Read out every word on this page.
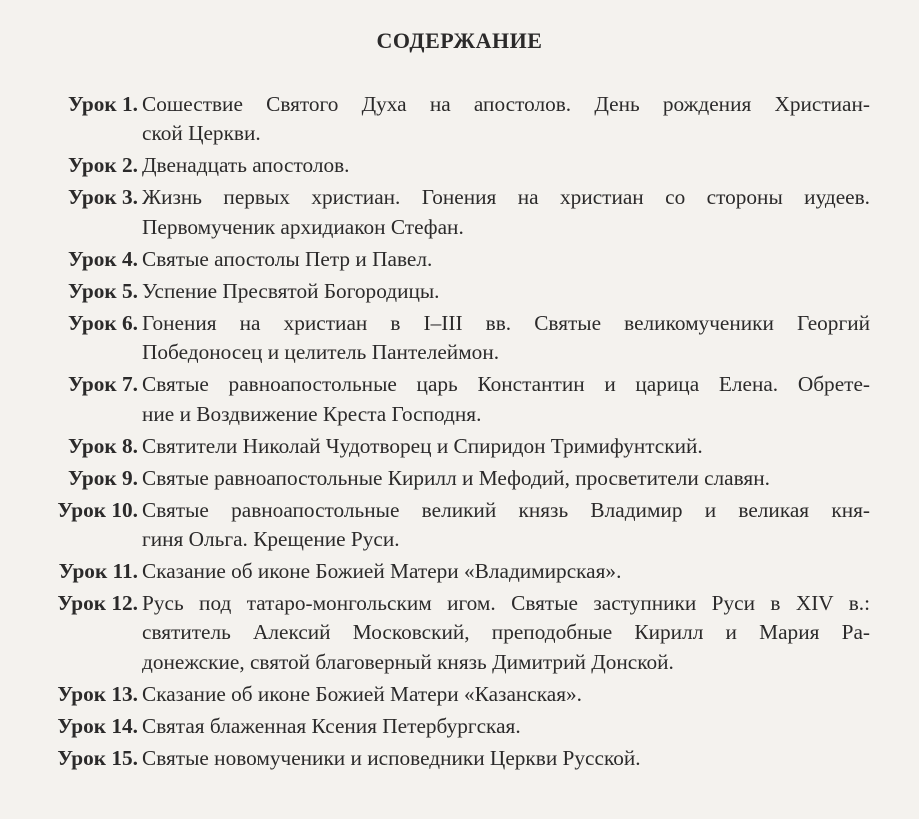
СОДЕРЖАНИЕ
Урок 1. Сошествие Святого Духа на апостолов. День рождения Христиан-
ской Церкви.
Урок 2. Двенадцать апостолов.
Урок 3. Жизнь первых христиан. Гонения на христиан со стороны иудеев.
Первомученик архидиакон Стефан.
Урок 4. Святые апостолы Петр и Павел.
Урок 5. Успение Пресвятой Богородицы.
Урок 6. Гонения на христиан в I–III вв. Святые великомученики Георгий
Победоносец и целитель Пантелеймон.
Урок 7. Святые равноапостольные царь Константин и царица Елена. Обрете-
ние и Воздвижение Креста Господня.
Урок 8. Святители Николай Чудотворец и Спиридон Тримифунтский.
Урок 9. Святые равноапостольные Кирилл и Мефодий, просветители славян.
Урок 10. Святые равноапостольные великий князь Владимир и великая кня-
гиня Ольга. Крещение Руси.
Урок 11. Сказание об иконе Божией Матери «Владимирская».
Урок 12. Русь под татаро-монгольским игом. Святые заступники Руси в XIV в.:
святитель Алексий Московский, преподобные Кирилл и Мария Ра-
донежские, святой благоверный князь Димитрий Донской.
Урок 13. Сказание об иконе Божией Матери «Казанская».
Урок 14. Святая блаженная Ксения Петербургская.
Урок 15. Святые новомученики и исповедники Церкви Русской.
